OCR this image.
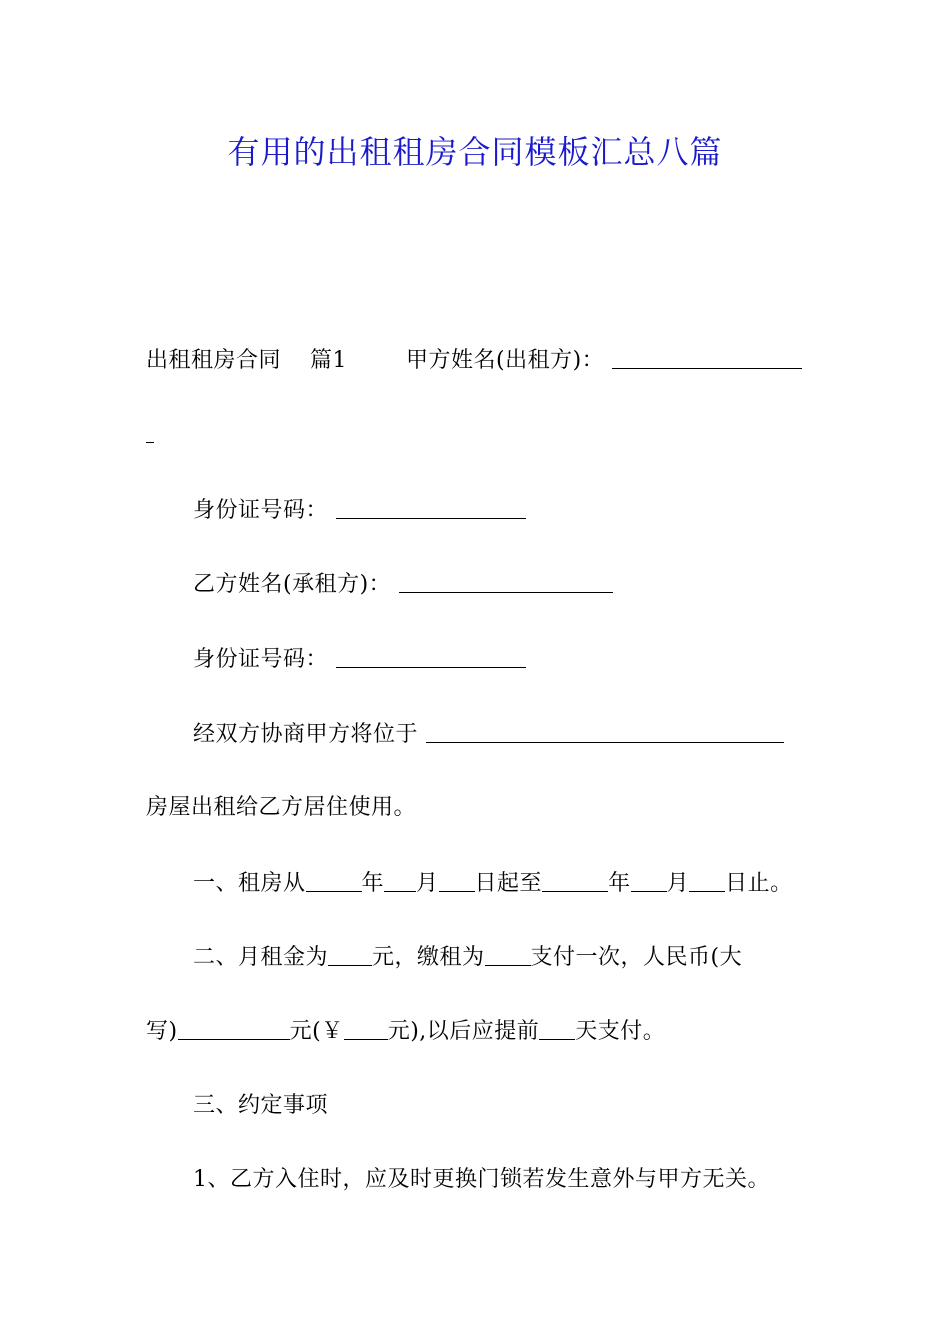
有用的出租租房合同模板汇总八篇
出租租房合同 篇1	甲方姓名(出租方)：
身份证号码：
乙方姓名(承租方)：
身份证号码：
经双方协商甲方将位于
房屋出租给乙方居住使用。
一、租房从	年 月 日起至	年 月 日止。
二、月租金为 元，缴租为 支付一次，人民币(大
写)	元(￥ 元),以后应提前 天支付。
三、约定事项
1、乙方入住时，应及时更换门锁若发生意外与甲方无关。
